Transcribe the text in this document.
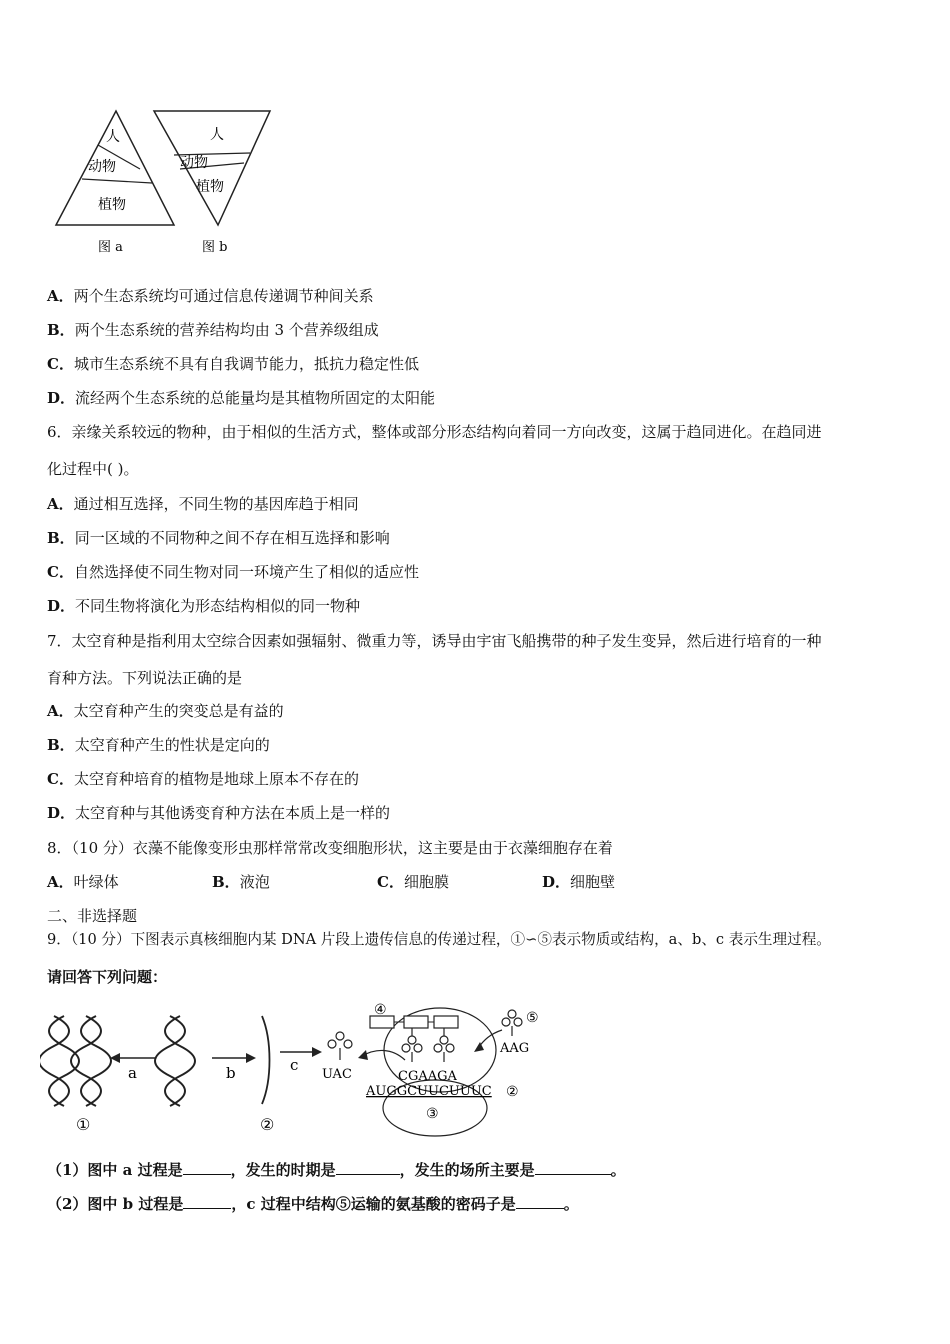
人
动物
植物
图 a
人
动物
植物
图 b
A．两个生态系统均可通过信息传递调节种间关系
B．两个生态系统的营养结构均由 3 个营养级组成
C．城市生态系统不具有自我调节能力，抵抗力稳定性低
D．流经两个生态系统的总能量均是其植物所固定的太阳能
6．亲缘关系较远的物种，由于相似的生活方式，整体或部分形态结构向着同一方向改变，这属于趋同进化。在趋同进
化过程中( )。
A．通过相互选择，不同生物的基因库趋于相同
B．同一区域的不同物种之间不存在相互选择和影响
C．自然选择使不同生物对同一环境产生了相似的适应性
D．不同生物将演化为形态结构相似的同一物种
7．太空育种是指利用太空综合因素如强辐射、微重力等，诱导由宇宙飞船携带的种子发生变异，然后进行培育的一种
育种方法。下列说法正确的是
A．太空育种产生的突变总是有益的
B．太空育种产生的性状是定向的
C．太空育种培育的植物是地球上原本不存在的
D．太空育种与其他诱变育种方法在本质上是一样的
8．（10 分）衣藻不能像变形虫那样常常改变细胞形状，这主要是由于衣藻细胞存在着
A．叶绿体	B．液泡	C．细胞膜	D．细胞壁
二、非选择题
9．（10 分）下图表示真核细胞内某 DNA 片段上遗传信息的传递过程，①∽⑤表示物质或结构，a、b、c 表示生理过程。
请回答下列问题：
a	b	c
UAC
④
CGAAGA
AUGGCUUCUUUC ②
③
⑤
AAG
①	②
（1）图中 a 过程是	，发生的时期是	，发生的场所主要是	。
（2）图中 b 过程是	，c 过程中结构⑤运输的氨基酸的密码子是	。
